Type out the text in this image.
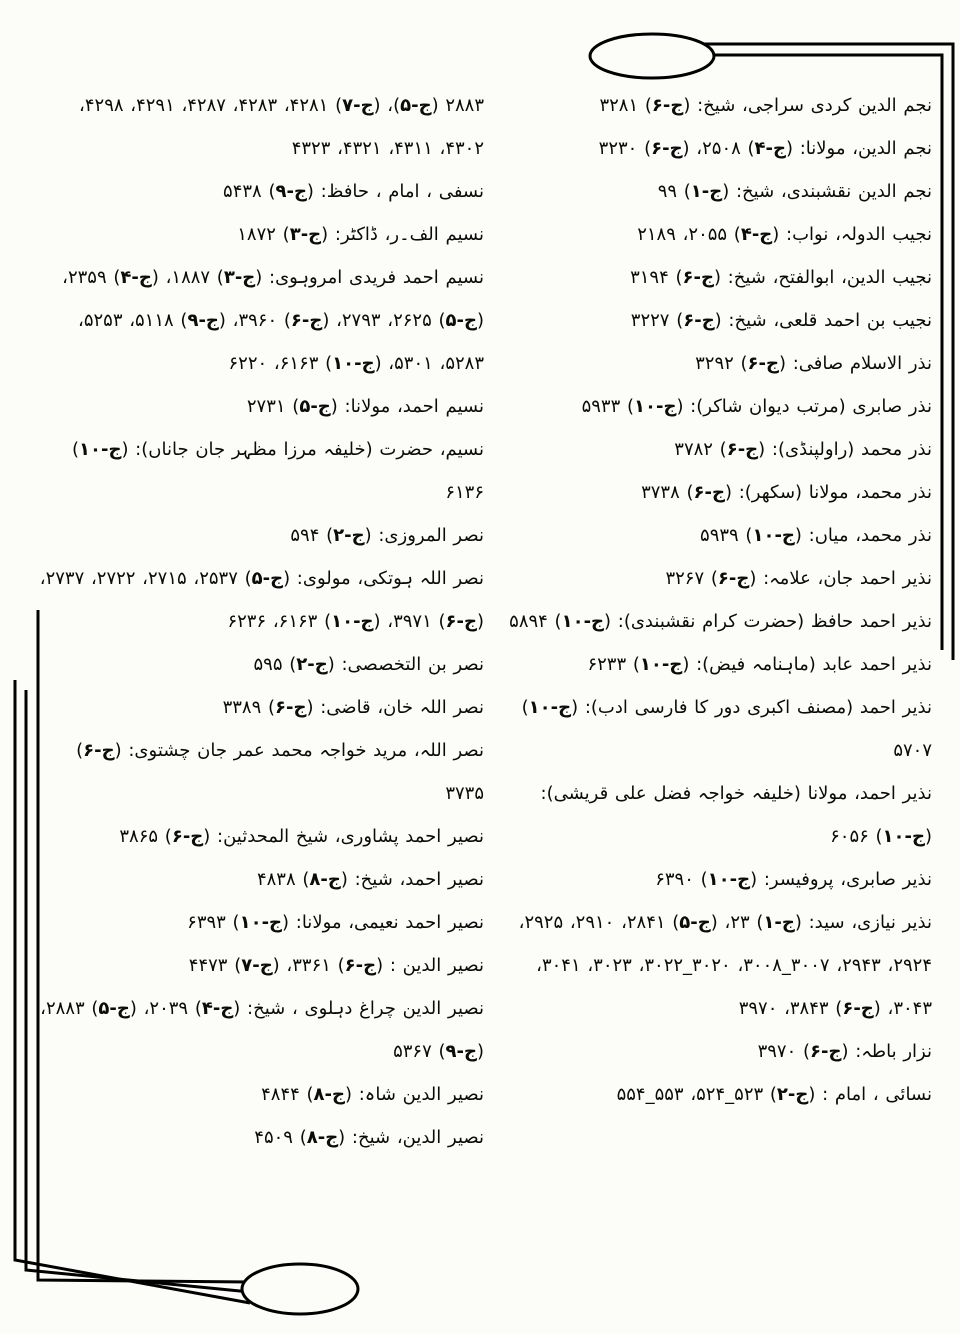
نجم الدین کردی سراجی، شیخ: (ج-۶) ۳۲۸۱
نجم الدین، مولانا: (ج-۴) ۲۵۰۸، (ج-۶) ۳۲۳۰
نجم الدین نقشبندی، شیخ: (ج-۱) ۹۹
نجیب الدولہ، نواب: (ج-۴) ۲۰۵۵، ۲۱۸۹
نجیب الدین، ابوالفتح، شیخ: (ج-۶) ۳۱۹۴
نجیب بن احمد قلعی، شیخ: (ج-۶) ۳۲۲۷
نذر الاسلام صافی: (ج-۶) ۳۲۹۲
نذر صابری (مرتب دیوان شاکر): (ج-۱۰) ۵۹۳۳
نذر محمد (راولپنڈی): (ج-۶) ۳۷۸۲
نذر محمد، مولانا (سکھر): (ج-۶) ۳۷۳۸
نذر محمد، میاں: (ج-۱۰) ۵۹۳۹
نذیر احمد جان، علامہ: (ج-۶) ۳۲۶۷
نذیر احمد حافظ (حضرت کرام نقشبندی): (ج-۱۰) ۵۸۹۴
نذیر احمد عابد (ماہنامہ فیض): (ج-۱۰) ۶۲۳۳
نذیر احمد (مصنف اکبری دور کا فارسی ادب): (ج-۱۰) ۵۷۰۷
نذیر احمد، مولانا (خلیفہ خواجہ فضل علی قریشی): (ج-۱۰) ۶۰۵۶
نذیر صابری، پروفیسر: (ج-۱۰) ۶۳۹۰
نذیر نیازی، سید: (ج-۱) ۲۳، (ج-۵) ۲۸۴۱، ۲۹۱۰، ۲۹۲۵، ۲۹۲۴، ۲۹۴۳، ۳۰۰۷_۳۰۰۸، ۳۰۲۰_۳۰۲۲، ۳۰۲۳، ۳۰۴۱، ۳۰۴۳، (ج-۶) ۳۸۴۳، ۳۹۷۰
نزار باطہ: (ج-۶) ۳۹۷۰
نسائی ، امام : (ج-۲) ۵۲۳_۵۲۴، ۵۵۳_۵۵۴
۲۸۸۳ (ج-۵)، (ج-۷) ۴۲۸۱، ۴۲۸۳، ۴۲۸۷، ۴۲۹۱، ۴۲۹۸، ۴۳۰۲، ۴۳۱۱، ۴۳۲۱، ۴۳۲۳
نسفی ، امام ، حافظ: (ج-۹) ۵۴۳۸
نسیم الف۔ر، ڈاکٹر: (ج-۳) ۱۸۷۲
نسیم احمد فریدی امروہوی: (ج-۳) ۱۸۸۷، (ج-۴) ۲۳۵۹، (ج-۵) ۲۶۲۵، ۲۷۹۳، (ج-۶) ۳۹۶۰، (ج-۹) ۵۱۱۸، ۵۲۵۳، ۵۲۸۳، ۵۳۰۱، (ج-۱۰) ۶۱۶۳، ۶۲۲۰
نسیم احمد، مولانا: (ج-۵) ۲۷۳۱
نسیم، حضرت (خلیفہ مرزا مظہر جان جاناں): (ج-۱۰) ۶۱۳۶
نصر المروزی: (ج-۲) ۵۹۴
نصر اللہ ہوتکی، مولوی: (ج-۵) ۲۵۳۷، ۲۷۱۵، ۲۷۲۲، ۲۷۳۷، (ج-۶) ۳۹۷۱، (ج-۱۰) ۶۱۶۳، ۶۲۳۶
نصر بن التخصصی: (ج-۲) ۵۹۵
نصر اللہ خان، قاضی: (ج-۶) ۳۳۸۹
نصر اللہ، مرید خواجہ محمد عمر جان چشتوی: (ج-۶) ۳۷۳۵
نصیر احمد پشاوری، شیخ المحدثین: (ج-۶) ۳۸۶۵
نصیر احمد، شیخ: (ج-۸) ۴۸۳۸
نصیر احمد نعیمی، مولانا: (ج-۱۰) ۶۳۹۳
نصیر الدین : (ج-۶) ۳۳۶۱، (ج-۷) ۴۴۷۳
نصیر الدین چراغ دہلوی ، شیخ: (ج-۴) ۲۰۳۹، (ج-۵) ۲۸۸۳، (ج-۹) ۵۳۶۷
نصیر الدین شاہ: (ج-۸) ۴۸۴۴
نصیر الدین، شیخ: (ج-۸) ۴۵۰۹
